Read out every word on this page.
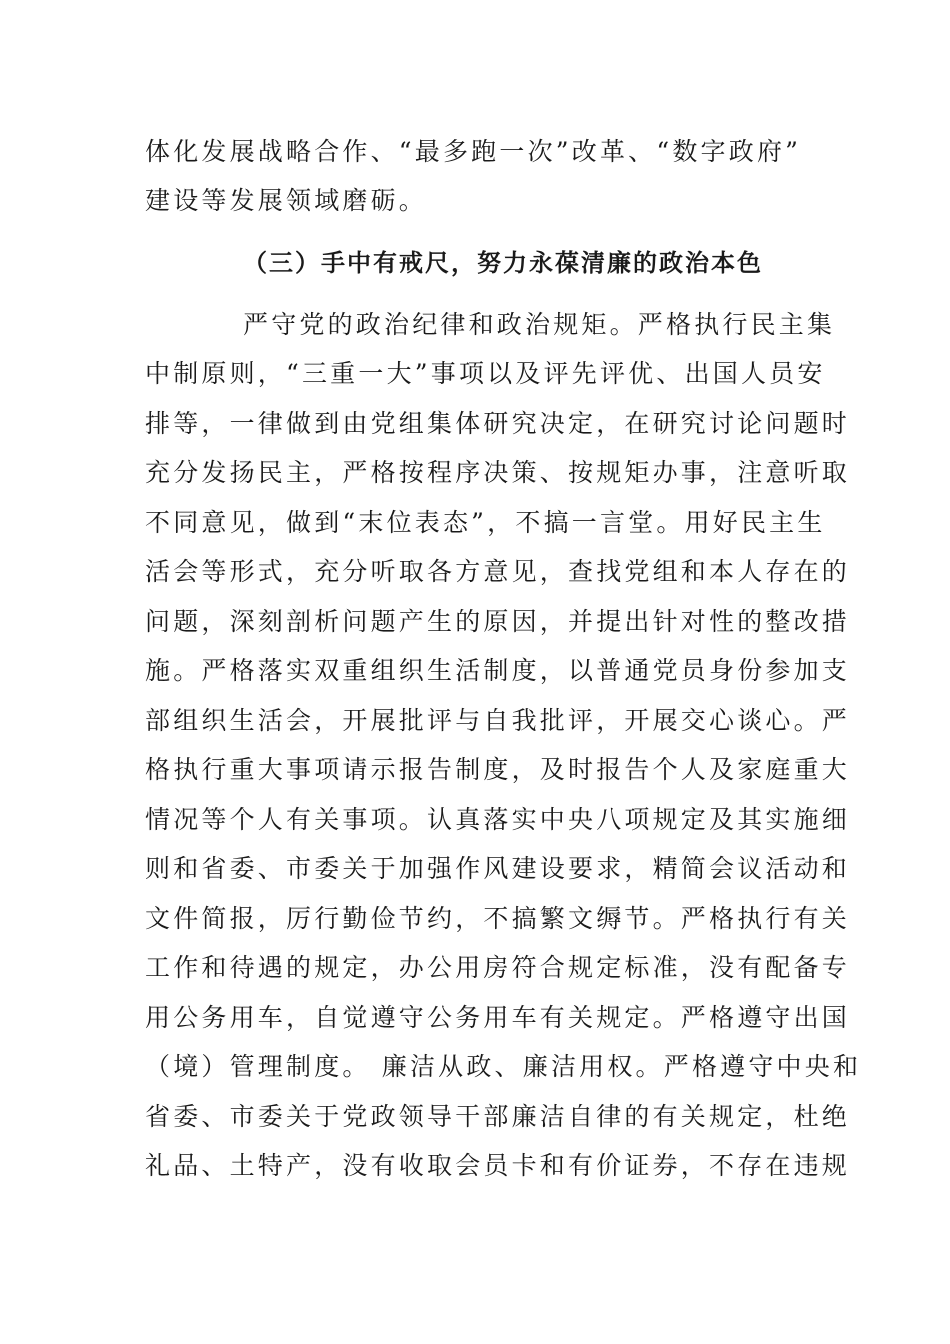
体化发展战略合作、“最多跑一次”改革、“数字政府”
建设等发展领域磨砺。
（三）手中有戒尺，努力永葆清廉的政治本色
严守党的政治纪律和政治规矩。严格执行民主集
中制原则，“三重一大”事项以及评先评优、出国人员安
排等，一律做到由党组集体研究决定，在研究讨论问题时
充分发扬民主，严格按程序决策、按规矩办事，注意听取
不同意见，做到“末位表态”，不搞一言堂。用好民主生
活会等形式，充分听取各方意见，查找党组和本人存在的
问题，深刻剖析问题产生的原因，并提出针对性的整改措
施。严格落实双重组织生活制度，以普通党员身份参加支
部组织生活会，开展批评与自我批评，开展交心谈心。严
格执行重大事项请示报告制度，及时报告个人及家庭重大
情况等个人有关事项。认真落实中央八项规定及其实施细
则和省委、市委关于加强作风建设要求，精简会议活动和
文件简报，厉行勤俭节约，不搞繁文缛节。严格执行有关
工作和待遇的规定，办公用房符合规定标准，没有配备专
用公务用车，自觉遵守公务用车有关规定。严格遵守出国
（境）管理制度。 廉洁从政、廉洁用权。严格遵守中央和
省委、市委关于党政领导干部廉洁自律的有关规定，杜绝
礼品、土特产，没有收取会员卡和有价证券，不存在违规
